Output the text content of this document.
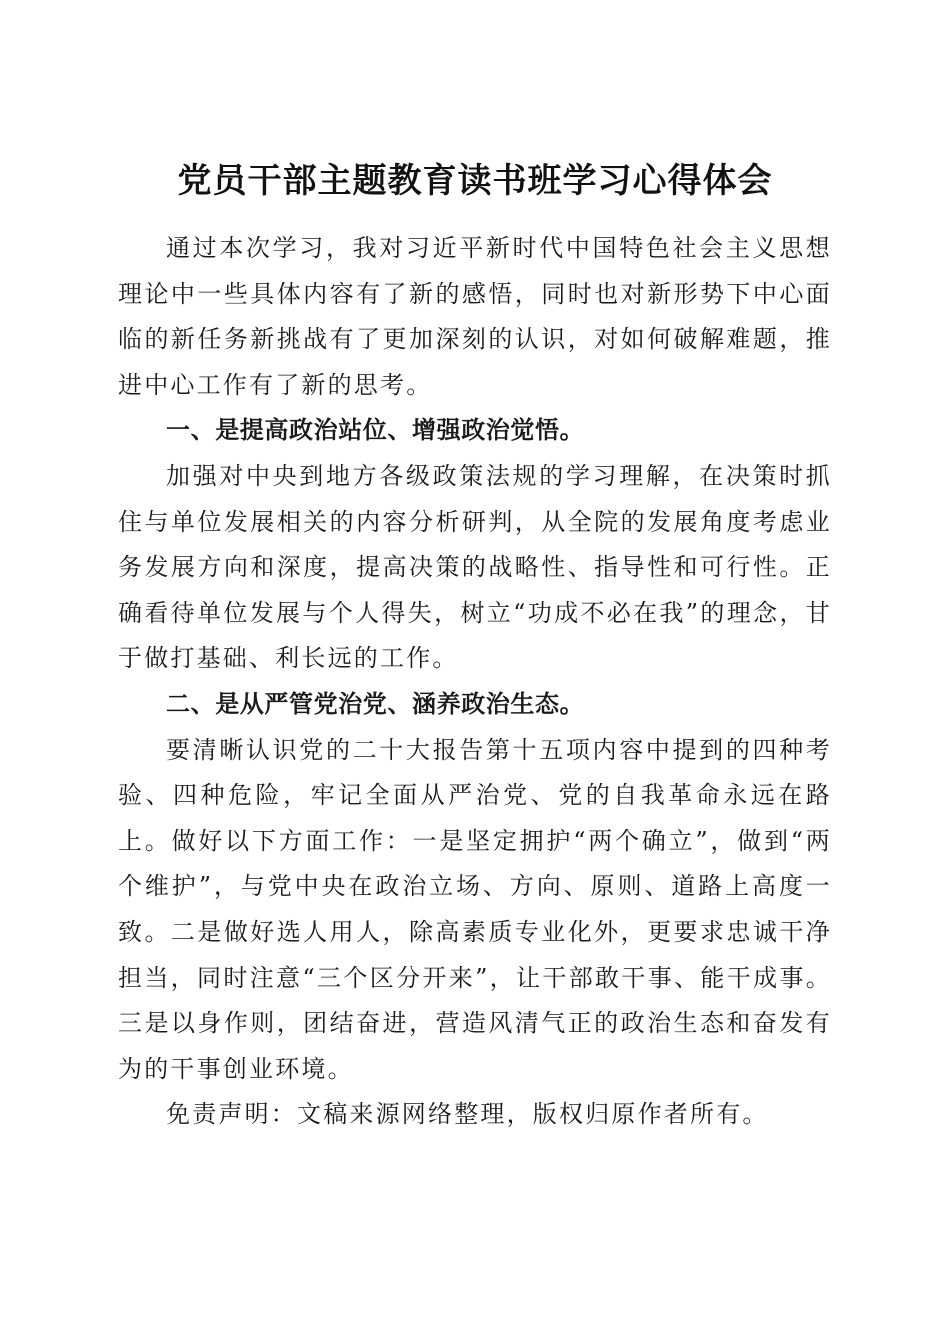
党员干部主题教育读书班学习心得体会

通过本次学习，我对习近平新时代中国特色社会主义思想理论中一些具体内容有了新的感悟，同时也对新形势下中心面临的新任务新挑战有了更加深刻的认识，对如何破解难题，推进中心工作有了新的思考。

一、是提高政治站位、增强政治觉悟。

加强对中央到地方各级政策法规的学习理解，在决策时抓住与单位发展相关的内容分析研判，从全院的发展角度考虑业务发展方向和深度，提高决策的战略性、指导性和可行性。正确看待单位发展与个人得失，树立“功成不必在我”的理念，甘于做打基础、利长远的工作。

二、是从严管党治党、涵养政治生态。

要清晰认识党的二十大报告第十五项内容中提到的四种考验、四种危险，牢记全面从严治党、党的自我革命永远在路上。做好以下方面工作：一是坚定拥护“两个确立”，做到“两个维护”，与党中央在政治立场、方向、原则、道路上高度一致。二是做好选人用人，除高素质专业化外，更要求忠诚干净担当，同时注意“三个区分开来”，让干部敢干事、能干成事。三是以身作则，团结奋进，营造风清气正的政治生态和奋发有为的干事创业环境。

免责声明：文稿来源网络整理，版权归原作者所有。
